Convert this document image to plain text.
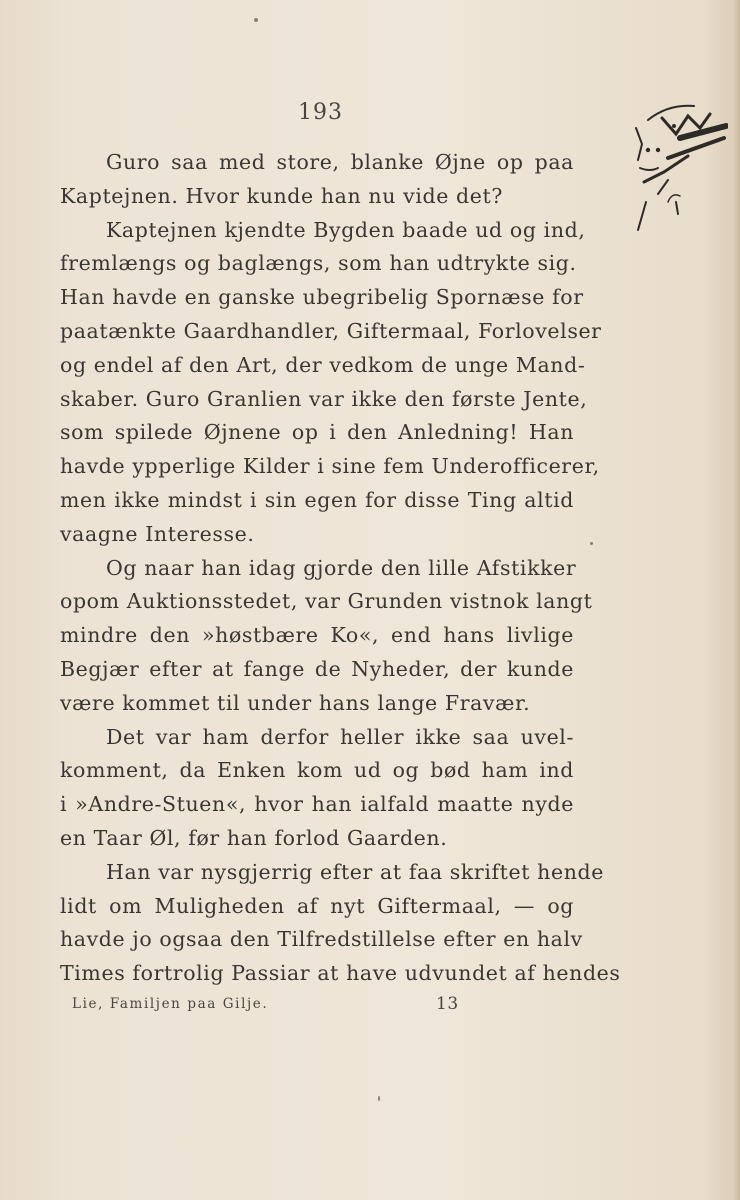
193
Guro saa med store, blanke Øjne op paa
Kaptejnen. Hvor kunde han nu vide det?
Kaptejnen kjendte Bygden baade ud og ind,
fremlængs og baglængs, som han udtrykte sig.
Han havde en ganske ubegribelig Spornæse for
paatænkte Gaardhandler, Giftermaal, Forlovelser
og endel af den Art, der vedkom de unge Mand-
skaber. Guro Granlien var ikke den første Jente,
som spilede Øjnene op i den Anledning! Han
havde ypperlige Kilder i sine fem Underofficerer,
men ikke mindst i sin egen for disse Ting altid
vaagne Interesse.
Og naar han idag gjorde den lille Afstikker
opom Auktionsstedet, var Grunden vistnok langt
mindre den »høstbære Ko«, end hans livlige
Begjær efter at fange de Nyheder, der kunde
være kommet til under hans lange Fravær.
Det var ham derfor heller ikke saa uvel-
komment, da Enken kom ud og bød ham ind
i »Andre-Stuen«, hvor han ialfald maatte nyde
en Taar Øl, før han forlod Gaarden.
Han var nysgjerrig efter at faa skriftet hende
lidt om Muligheden af nyt Giftermaal, — og
havde jo ogsaa den Tilfredstillelse efter en halv
Times fortrolig Passiar at have udvundet af hendes
Lie, Familjen paa Gilje.	13
